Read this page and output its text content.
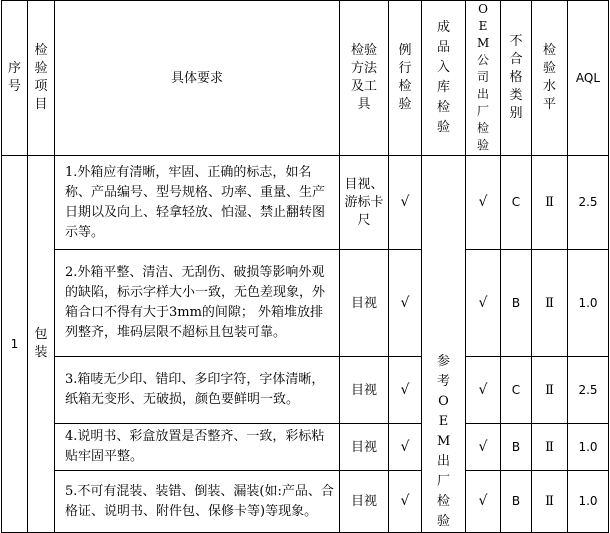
序号	检验项目	具体要求	检验方法及工具	例行检验	成品入库检验	OEM公司出厂检验	不合格类别	检验水平	AQL
1	包装	1.外箱应有清晰，牢固、正确的标志，如名称、产品编号、型号规格、功率、重量、生产日期以及向上、轻拿轻放、怕湿、禁止翻转图示等。	目视、游标卡尺	√	参考OEM出厂检验	√	C	Ⅱ	2.5

		2.外箱平整、清洁、无刮伤、破损等影响外观的缺陷，标示字样大小一致，无色差现象，外箱合口不得有大于3mm的间隙； 外箱堆放排列整齐，堆码层限不超标且包装可靠。	目视	√		√	B	Ⅱ	1.0

		3.箱唛无少印、错印、多印字符，字体清晰，纸箱无变形、无破损，颜色要鲜明一致。	目视	√		√	C	Ⅱ	2.5

		4.说明书、彩盒放置是否整齐、一致，彩标粘贴牢固平整。	目视	√		√	B	Ⅱ	1.0

		5.不可有混装、装错、倒装、漏装(如:产品、合格证、说明书、附件包、保修卡等)等现象。	目视	√		√	B	Ⅱ	1.0
